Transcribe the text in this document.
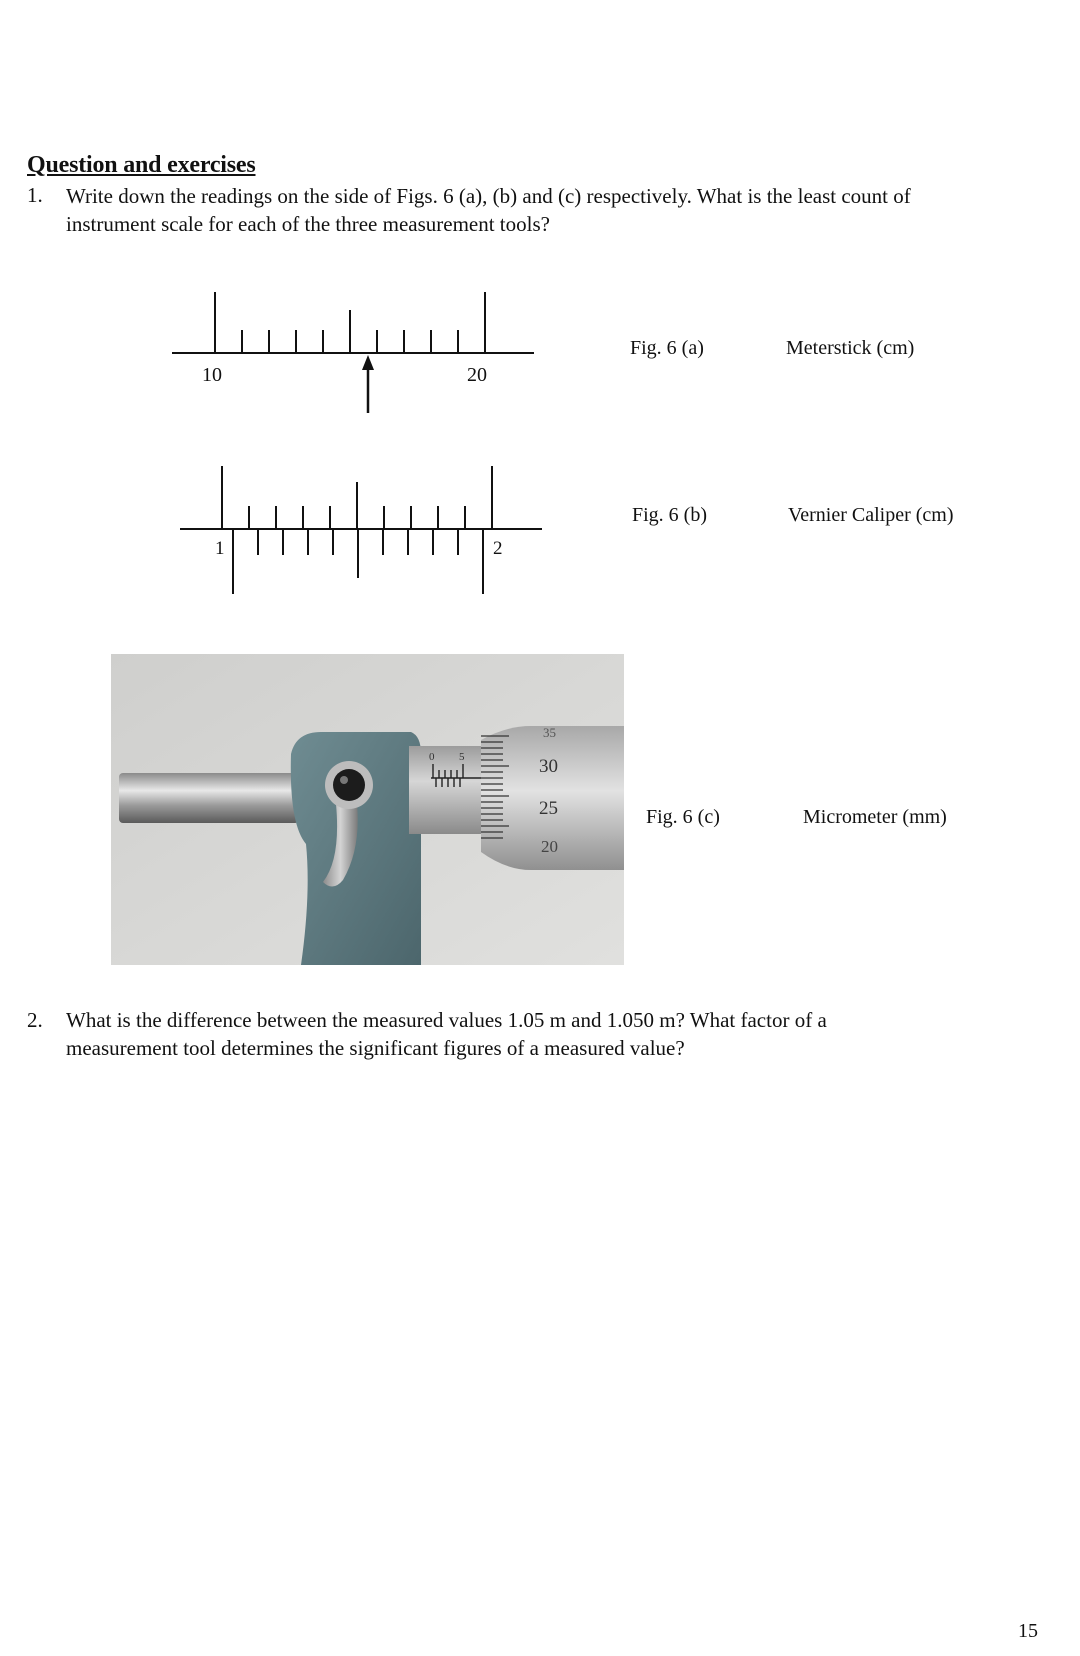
Question and exercises
1. Write down the readings on the side of Figs. 6 (a), (b) and (c) respectively. What is the least count of
instrument scale for each of the three measurement tools?
10	20
Fig. 6 (a)	Meterstick (cm)
1	2
Fig. 6 (b)	Vernier Caliper (cm)
0 5
35
30
25
20
Fig. 6 (c)	Micrometer (mm)
2. What is the difference between the measured values 1.05 m and 1.050 m? What factor of a
measurement tool determines the significant figures of a measured value?
15
